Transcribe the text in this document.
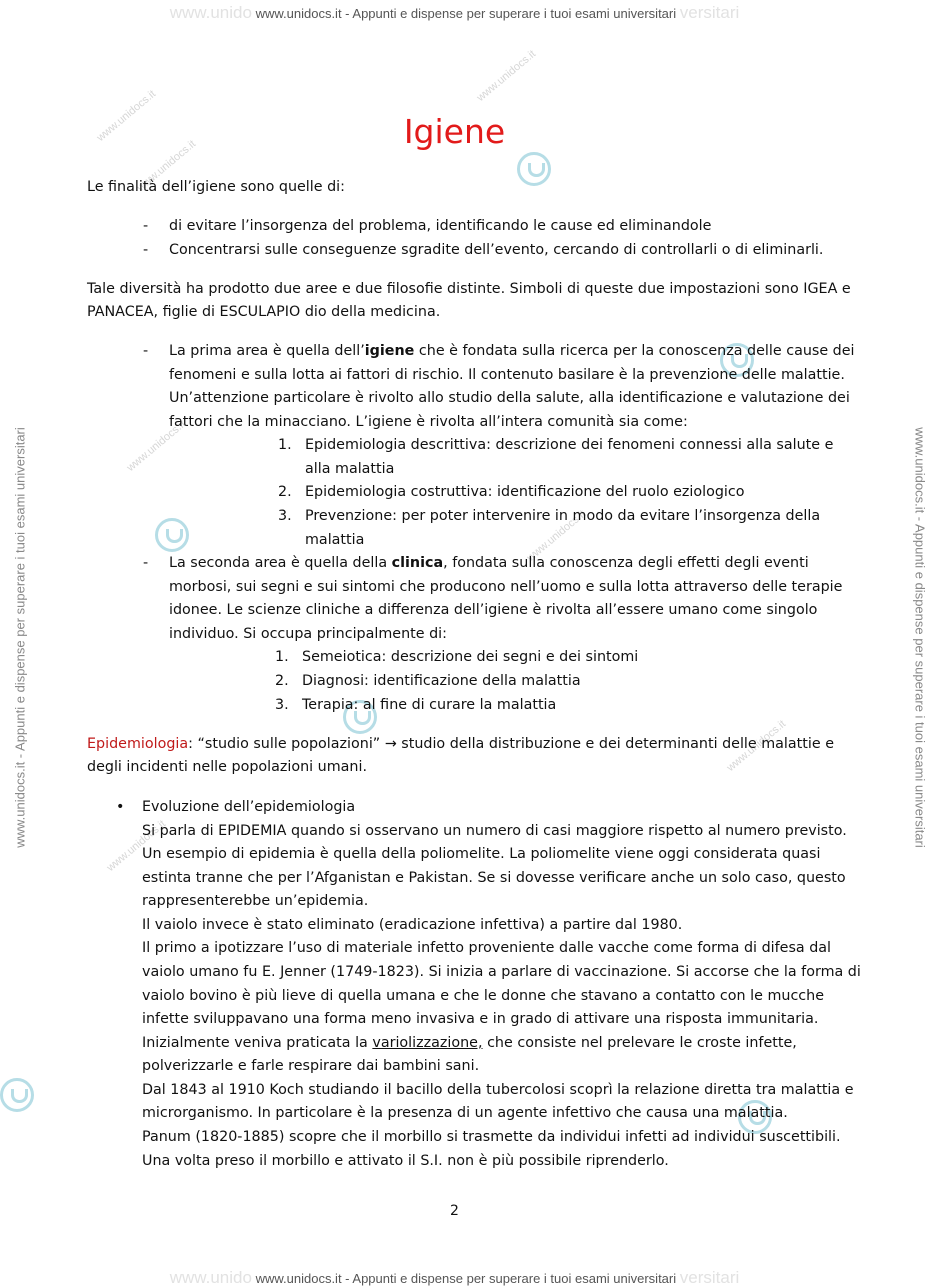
www.unido www.unidocs.it - Appunti e dispense per superare i tuoi esami universitari versitari
www.unido www.unidocs.it - Appunti e dispense per superare i tuoi esami universitari versitari
www.unidocs.it - Appunti e dispense per superare i tuoi esami universitari	www.unidocs.it - Appunti e dispense per superare i tuoi esami universitari
www.unidocs.it
www.unidocs.it
www.unidocs.it
www.unidocs.it
www.unidocs.it
www.unidocs.it
www.unidocs.it
Igiene
Le finalità dell’igiene sono quelle di:
- di evitare l’insorgenza del problema, identificando le cause ed eliminandole
- Concentrarsi sulle conseguenze sgradite dell’evento, cercando di controllarli o di eliminarli.
Tale diversità ha prodotto due aree e due filosofie distinte. Simboli di queste due impostazioni sono IGEA e
PANACEA, figlie di ESCULAPIO dio della medicina.
- La prima area è quella dell’igiene che è fondata sulla ricerca per la conoscenza delle cause dei
fenomeni e sulla lotta ai fattori di rischio. Il contenuto basilare è la prevenzione delle malattie.
Un’attenzione particolare è rivolto allo studio della salute, alla identificazione e valutazione dei
fattori che la minacciano. L’igiene è rivolta all’intera comunità sia come:
1. Epidemiologia descrittiva: descrizione dei fenomeni connessi alla salute e
alla malattia
2. Epidemiologia costruttiva: identificazione del ruolo eziologico
3. Prevenzione: per poter intervenire in modo da evitare l’insorgenza della
malattia
- La seconda area è quella della clinica, fondata sulla conoscenza degli effetti degli eventi
morbosi, sui segni e sui sintomi che producono nell’uomo e sulla lotta attraverso delle terapie
idonee. Le scienze cliniche a differenza dell’igiene è rivolta all’essere umano come singolo
individuo. Si occupa principalmente di:
1. Semeiotica: descrizione dei segni e dei sintomi
2. Diagnosi: identificazione della malattia
3. Terapia: al fine di curare la malattia
Epidemiologia: “studio sulle popolazioni” → studio della distribuzione e dei determinanti delle malattie e
degli incidenti nelle popolazioni umani.
• Evoluzione dell’epidemiologia
Si parla di EPIDEMIA quando si osservano un numero di casi maggiore rispetto al numero previsto.
Un esempio di epidemia è quella della poliomelite. La poliomelite viene oggi considerata quasi
estinta tranne che per l’Afganistan e Pakistan. Se si dovesse verificare anche un solo caso, questo
rappresenterebbe un’epidemia.
Il vaiolo invece è stato eliminato (eradicazione infettiva) a partire dal 1980.
Il primo a ipotizzare l’uso di materiale infetto proveniente dalle vacche come forma di difesa dal
vaiolo umano fu E. Jenner (1749-1823). Si inizia a parlare di vaccinazione. Si accorse che la forma di
vaiolo bovino è più lieve di quella umana e che le donne che stavano a contatto con le mucche
infette sviluppavano una forma meno invasiva e in grado di attivare una risposta immunitaria.
Inizialmente veniva praticata la variolizzazione, che consiste nel prelevare le croste infette,
polverizzarle e farle respirare dai bambini sani.
Dal 1843 al 1910 Koch studiando il bacillo della tubercolosi scoprì la relazione diretta tra malattia e
microrganismo. In particolare è la presenza di un agente infettivo che causa una malattia.
Panum (1820-1885) scopre che il morbillo si trasmette da individui infetti ad individui suscettibili.
Una volta preso il morbillo e attivato il S.I. non è più possibile riprenderlo.
2
